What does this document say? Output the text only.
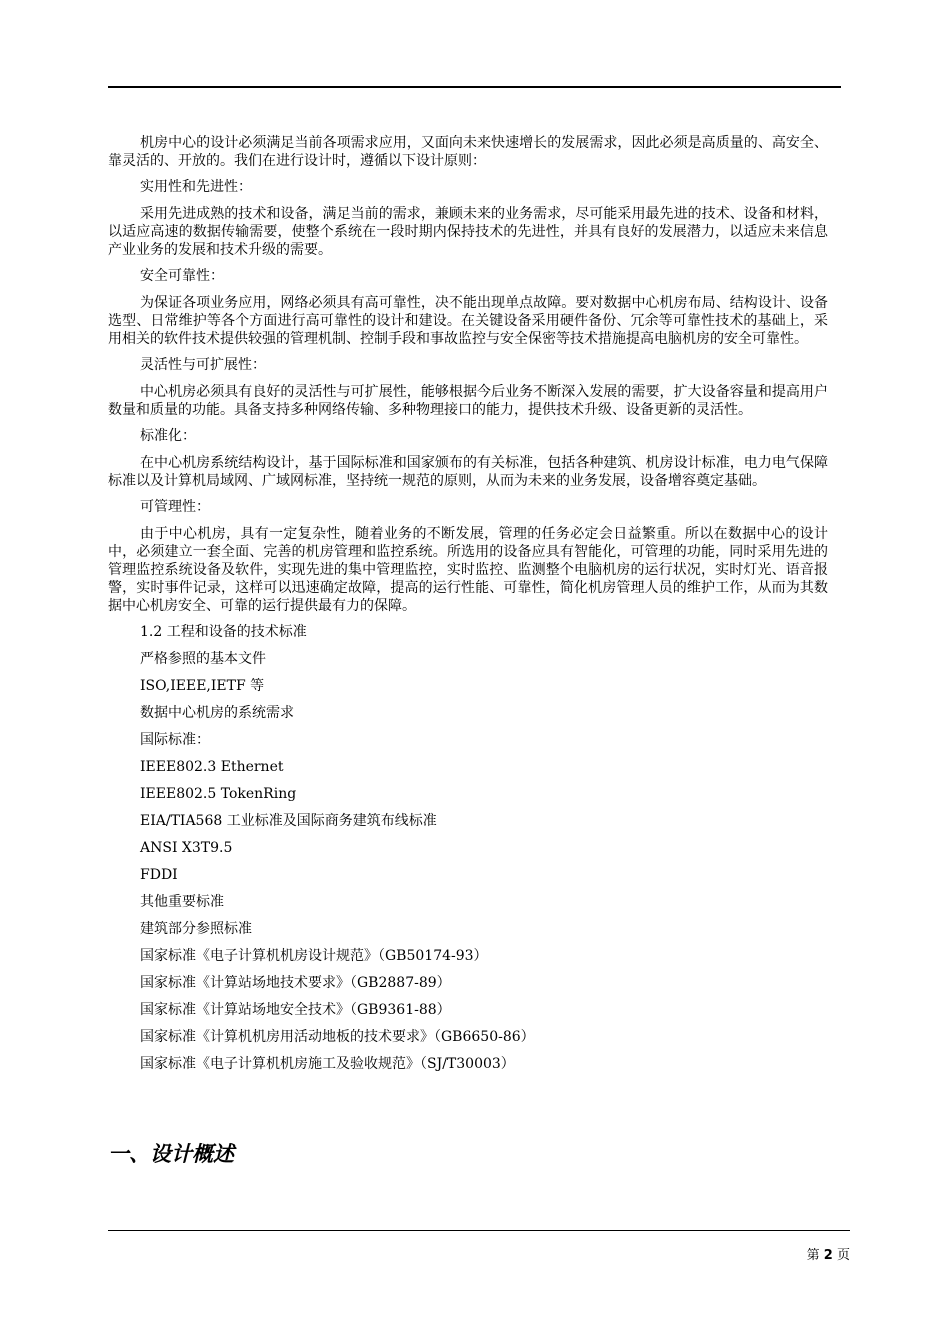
机房中心的设计必须满足当前各项需求应用，又面向未来快速增长的发展需求，因此必须是高质量的、高安全、靠灵活的、开放的。我们在进行设计时，遵循以下设计原则：

实用性和先进性：

采用先进成熟的技术和设备，满足当前的需求，兼顾未来的业务需求，尽可能采用最先进的技术、设备和材料，以适应高速的数据传输需要，使整个系统在一段时期内保持技术的先进性，并具有良好的发展潜力，以适应未来信息产业业务的发展和技术升级的需要。

安全可靠性：

为保证各项业务应用，网络必须具有高可靠性，决不能出现单点故障。要对数据中心机房布局、结构设计、设备选型、日常维护等各个方面进行高可靠性的设计和建设。在关键设备采用硬件备份、冗余等可靠性技术的基础上，采用相关的软件技术提供较强的管理机制、控制手段和事故监控与安全保密等技术措施提高电脑机房的安全可靠性。

灵活性与可扩展性：

中心机房必须具有良好的灵活性与可扩展性，能够根据今后业务不断深入发展的需要，扩大设备容量和提高用户数量和质量的功能。具备支持多种网络传输、多种物理接口的能力，提供技术升级、设备更新的灵活性。

标准化：

在中心机房系统结构设计，基于国际标准和国家颁布的有关标准，包括各种建筑、机房设计标准，电力电气保障标准以及计算机局域网、广域网标准，坚持统一规范的原则，从而为未来的业务发展，设备增容奠定基础。

可管理性：

由于中心机房，具有一定复杂性，随着业务的不断发展，管理的任务必定会日益繁重。所以在数据中心的设计中，必须建立一套全面、完善的机房管理和监控系统。所选用的设备应具有智能化，可管理的功能，同时采用先进的管理监控系统设备及软件，实现先进的集中管理监控，实时监控、监测整个电脑机房的运行状况，实时灯光、语音报警，实时事件记录，这样可以迅速确定故障，提高的运行性能、可靠性，简化机房管理人员的维护工作，从而为其数据中心机房安全、可靠的运行提供最有力的保障。

1.2 工程和设备的技术标准

严格参照的基本文件

ISO,IEEE,IETF 等

数据中心机房的系统需求

国际标准：

IEEE802.3 Ethernet

IEEE802.5 TokenRing

EIA/TIA568 工业标准及国际商务建筑布线标准

ANSI X3T9.5

FDDI

其他重要标准

建筑部分参照标准

国家标准《电子计算机机房设计规范》（GB50174-93）

国家标准《计算站场地技术要求》（GB2887-89）

国家标准《计算站场地安全技术》（GB9361-88）

国家标准《计算机机房用活动地板的技术要求》（GB6650-86）

国家标准《电子计算机机房施工及验收规范》（SJ/T30003）

一、设计概述
第 2 页
